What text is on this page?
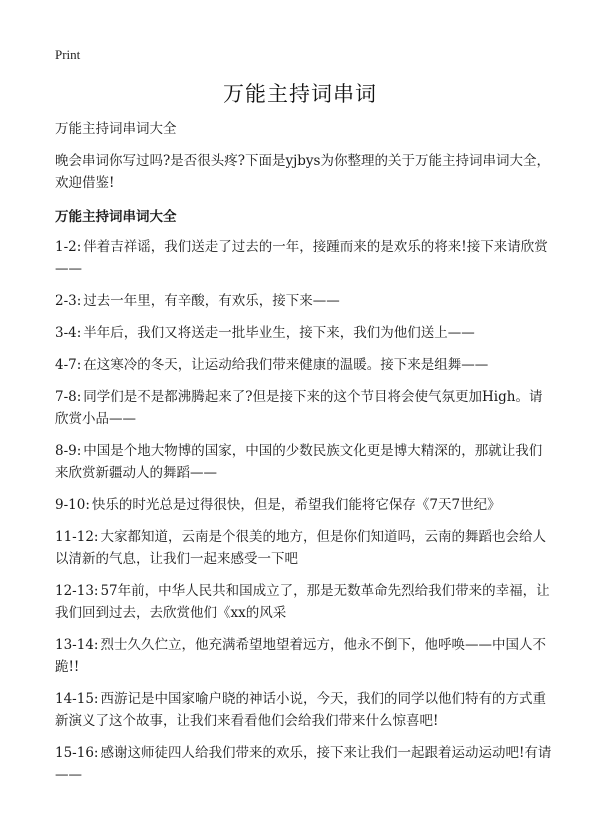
Print
万能主持词串词

万能主持词串词大全

晚会串词你写过吗?是否很头疼?下面是yjbys为你整理的关于万能主持词串词大全，欢迎借鉴!

万能主持词串词大全

1-2: 伴着吉祥谣，我们送走了过去的一年，接踵而来的是欢乐的将来!接下来请欣赏——
2-3: 过去一年里，有辛酸，有欢乐，接下来——
3-4: 半年后，我们又将送走一批毕业生，接下来，我们为他们送上——
4-7: 在这寒冷的冬天，让运动给我们带来健康的温暖。接下来是组舞——
7-8: 同学们是不是都沸腾起来了?但是接下来的这个节目将会使气氛更加High。请欣赏小品——
8-9: 中国是个地大物博的国家，中国的少数民族文化更是博大精深的，那就让我们来欣赏新疆动人的舞蹈——
9-10: 快乐的时光总是过得很快，但是，希望我们能将它保存《7天7世纪》
11-12: 大家都知道，云南是个很美的地方，但是你们知道吗，云南的舞蹈也会给人以清新的气息，让我们一起来感受一下吧
12-13: 57年前，中华人民共和国成立了，那是无数革命先烈给我们带来的幸福，让我们回到过去，去欣赏他们《xx的风采
13-14: 烈士久久伫立，他充满希望地望着远方，他永不倒下，他呼唤——中国人不跪!!
14-15: 西游记是中国家喻户晓的神话小说，今天，我们的同学以他们特有的方式重新演义了这个故事，让我们来看看他们会给我们带来什么惊喜吧!
15-16: 感谢这师徒四人给我们带来的欢乐，接下来让我们一起跟着运动运动吧!有请——
